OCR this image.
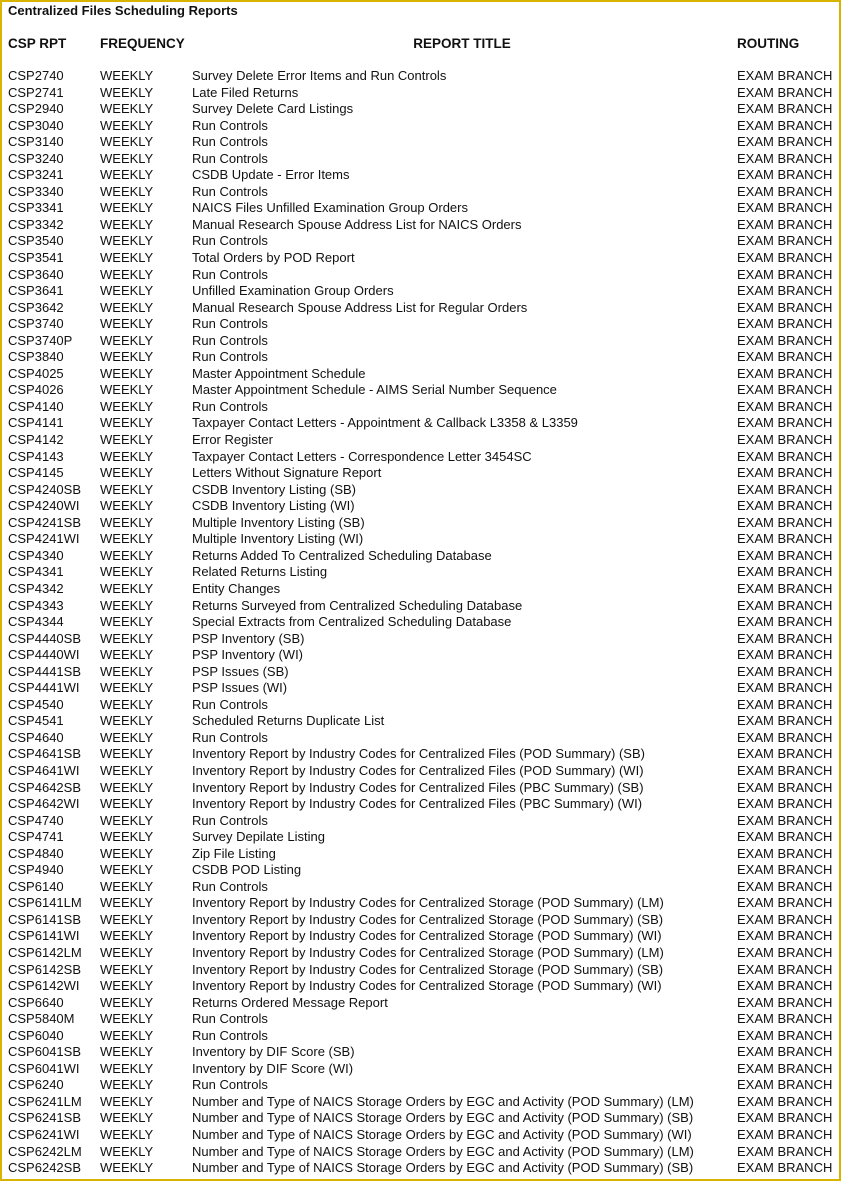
Centralized Files Scheduling Reports
CSP RPT FREQUENCY	REPORT TITLE	ROUTING
CSP2740	WEEKLY	Survey Delete Error Items and Run Controls	EXAM BRANCH
CSP2741	WEEKLY	Late Filed Returns	EXAM BRANCH
CSP2940	WEEKLY	Survey Delete Card Listings	EXAM BRANCH
CSP3040	WEEKLY	Run Controls	EXAM BRANCH
CSP3140	WEEKLY	Run Controls	EXAM BRANCH
CSP3240	WEEKLY	Run Controls	EXAM BRANCH
CSP3241	WEEKLY	CSDB Update - Error Items	EXAM BRANCH
CSP3340	WEEKLY	Run Controls	EXAM BRANCH
CSP3341	WEEKLY	NAICS Files Unfilled Examination Group Orders	EXAM BRANCH
CSP3342	WEEKLY	Manual Research Spouse Address List for NAICS Orders	EXAM BRANCH
CSP3540	WEEKLY	Run Controls	EXAM BRANCH
CSP3541	WEEKLY	Total Orders by POD Report	EXAM BRANCH
CSP3640	WEEKLY	Run Controls	EXAM BRANCH
CSP3641	WEEKLY	Unfilled Examination Group Orders	EXAM BRANCH
CSP3642	WEEKLY	Manual Research Spouse Address List for Regular Orders	EXAM BRANCH
CSP3740	WEEKLY	Run Controls	EXAM BRANCH
CSP3740P WEEKLY	Run Controls	EXAM BRANCH
CSP3840	WEEKLY	Run Controls	EXAM BRANCH
CSP4025	WEEKLY	Master Appointment Schedule	EXAM BRANCH
CSP4026	WEEKLY	Master Appointment Schedule - AIMS Serial Number Sequence	EXAM BRANCH
CSP4140	WEEKLY	Run Controls	EXAM BRANCH
CSP4141	WEEKLY	Taxpayer Contact Letters - Appointment & Callback L3358 & L3359	EXAM BRANCH
CSP4142	WEEKLY	Error Register	EXAM BRANCH
CSP4143	WEEKLY	Taxpayer Contact Letters - Correspondence Letter 3454SC	EXAM BRANCH
CSP4145	WEEKLY	Letters Without Signature Report	EXAM BRANCH
CSP4240SB WEEKLY	CSDB Inventory Listing (SB)	EXAM BRANCH
CSP4240WI WEEKLY	CSDB Inventory Listing (WI)	EXAM BRANCH
CSP4241SB WEEKLY	Multiple Inventory Listing (SB)	EXAM BRANCH
CSP4241WI WEEKLY	Multiple Inventory Listing (WI)	EXAM BRANCH
CSP4340	WEEKLY	Returns Added To Centralized Scheduling Database	EXAM BRANCH
CSP4341	WEEKLY	Related Returns Listing	EXAM BRANCH
CSP4342	WEEKLY	Entity Changes	EXAM BRANCH
CSP4343	WEEKLY	Returns Surveyed from Centralized Scheduling Database	EXAM BRANCH
CSP4344	WEEKLY	Special Extracts from Centralized Scheduling Database	EXAM BRANCH
CSP4440SB WEEKLY	PSP Inventory (SB)	EXAM BRANCH
CSP4440WI WEEKLY	PSP Inventory (WI)	EXAM BRANCH
CSP4441SB WEEKLY	PSP Issues (SB)	EXAM BRANCH
CSP4441WI WEEKLY	PSP Issues (WI)	EXAM BRANCH
CSP4540	WEEKLY	Run Controls	EXAM BRANCH
CSP4541	WEEKLY	Scheduled Returns Duplicate List	EXAM BRANCH
CSP4640	WEEKLY	Run Controls	EXAM BRANCH
CSP4641SB WEEKLY	Inventory Report by Industry Codes for Centralized Files (POD Summary) (SB)	EXAM BRANCH
CSP4641WI WEEKLY	Inventory Report by Industry Codes for Centralized Files (POD Summary) (WI)	EXAM BRANCH
CSP4642SB WEEKLY	Inventory Report by Industry Codes for Centralized Files (PBC Summary) (SB)	EXAM BRANCH
CSP4642WI WEEKLY	Inventory Report by Industry Codes for Centralized Files (PBC Summary) (WI)	EXAM BRANCH
CSP4740	WEEKLY	Run Controls	EXAM BRANCH
CSP4741	WEEKLY	Survey Depilate Listing	EXAM BRANCH
CSP4840	WEEKLY	Zip File Listing	EXAM BRANCH
CSP4940	WEEKLY	CSDB POD Listing	EXAM BRANCH
CSP6140	WEEKLY	Run Controls	EXAM BRANCH
CSP6141LM WEEKLY	Inventory Report by Industry Codes for Centralized Storage (POD Summary) (LM)	EXAM BRANCH
CSP6141SB WEEKLY	Inventory Report by Industry Codes for Centralized Storage (POD Summary) (SB)	EXAM BRANCH
CSP6141WI WEEKLY	Inventory Report by Industry Codes for Centralized Storage (POD Summary) (WI)	EXAM BRANCH
CSP6142LM WEEKLY	Inventory Report by Industry Codes for Centralized Storage (POD Summary) (LM)	EXAM BRANCH
CSP6142SB WEEKLY	Inventory Report by Industry Codes for Centralized Storage (POD Summary) (SB)	EXAM BRANCH
CSP6142WI WEEKLY	Inventory Report by Industry Codes for Centralized Storage (POD Summary) (WI)	EXAM BRANCH
CSP6640	WEEKLY	Returns Ordered Message Report	EXAM BRANCH
CSP5840M WEEKLY	Run Controls	EXAM BRANCH
CSP6040	WEEKLY	Run Controls	EXAM BRANCH
CSP6041SB WEEKLY	Inventory by DIF Score (SB)	EXAM BRANCH
CSP6041WI WEEKLY	Inventory by DIF Score (WI)	EXAM BRANCH
CSP6240	WEEKLY	Run Controls	EXAM BRANCH
CSP6241LM WEEKLY	Number and Type of NAICS Storage Orders by EGC and Activity (POD Summary) (LM)	EXAM BRANCH
CSP6241SB WEEKLY	Number and Type of NAICS Storage Orders by EGC and Activity (POD Summary) (SB)	EXAM BRANCH
CSP6241WI WEEKLY	Number and Type of NAICS Storage Orders by EGC and Activity (POD Summary) (WI)	EXAM BRANCH
CSP6242LM WEEKLY	Number and Type of NAICS Storage Orders by EGC and Activity (POD Summary) (LM)	EXAM BRANCH
CSP6242SB WEEKLY	Number and Type of NAICS Storage Orders by EGC and Activity (POD Summary) (SB)	EXAM BRANCH
